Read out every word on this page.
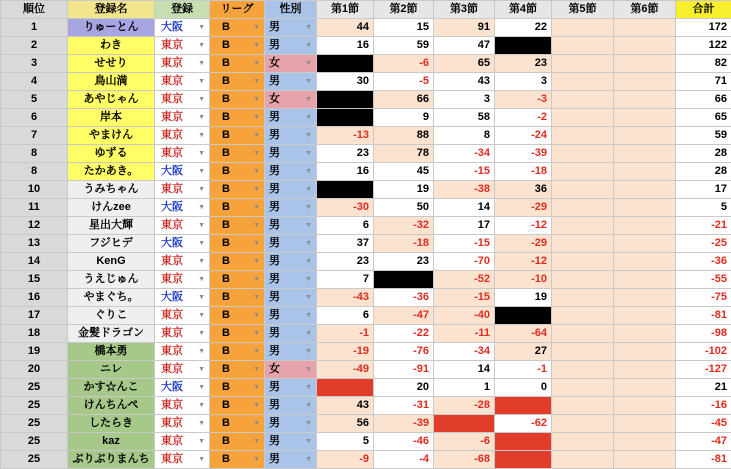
順位	登録名	登録	リーグ	性別	第1節	第2節	第3節	第4節	第5節	第6節	合計
1	りゅーとん	大阪 ▼	B ▼	男 ▼	44	15	91	22			172
2	わき	東京 ▼	B ▼	男 ▼	16	59	47				122
3	せせり	東京 ▼	B ▼	女 ▼		-6	65	23			82
4	鳥山満	東京 ▼	B ▼	男 ▼	30	-5	43	3			71
5	あやじゃん	東京 ▼	B ▼	女 ▼		66	3	-3			66
6	岸本	東京 ▼	B ▼	男 ▼		9	58	-2			65
7	やまけん	東京 ▼	B ▼	男 ▼	-13	88	8	-24			59
8	ゆずる	東京 ▼	B ▼	男 ▼	23	78	-34	-39			28
8	たかあき。	大阪 ▼	B ▼	男 ▼	16	45	-15	-18			28
10	うみちゃん	東京 ▼	B ▼	男 ▼		19	-38	36			17
11	けんzee	大阪 ▼	B ▼	男 ▼	-30	50	14	-29			5
12	星出大輝	東京 ▼	B ▼	男 ▼	6	-32	17	-12			-21
13	フジヒデ	大阪 ▼	B ▼	男 ▼	37	-18	-15	-29			-25
14	KenG	東京 ▼	B ▼	男 ▼	23	23	-70	-12			-36
15	うえじゅん	東京 ▼	B ▼	男 ▼	7		-52	-10			-55
16	やまぐち。	大阪 ▼	B ▼	男 ▼	-43	-36	-15	19			-75
17	ぐりこ	東京 ▼	B ▼	男 ▼	6	-47	-40				-81
18	金髪ドラゴン	東京 ▼	B ▼	男 ▼	-1	-22	-11	-64			-98
19	橋本勇	東京 ▼	B ▼	男 ▼	-19	-76	-34	27			-102
20	ニレ	東京 ▼	B ▼	女 ▼	-49	-91	14	-1			-127
25	かす☆んこ	大阪 ▼	B ▼	男 ▼		20	1	0			21
25	けんちんぺ	東京 ▼	B ▼	男 ▼	43	-31	-28				-16
25	したらき	東京 ▼	B ▼	男 ▼	56	-39		-62			-45
25	kaz	東京 ▼	B ▼	男 ▼	5	-46	-6				-47
25	ぶりぶりまんち	東京 ▼	B ▼	男 ▼	-9	-4	-68				-81
